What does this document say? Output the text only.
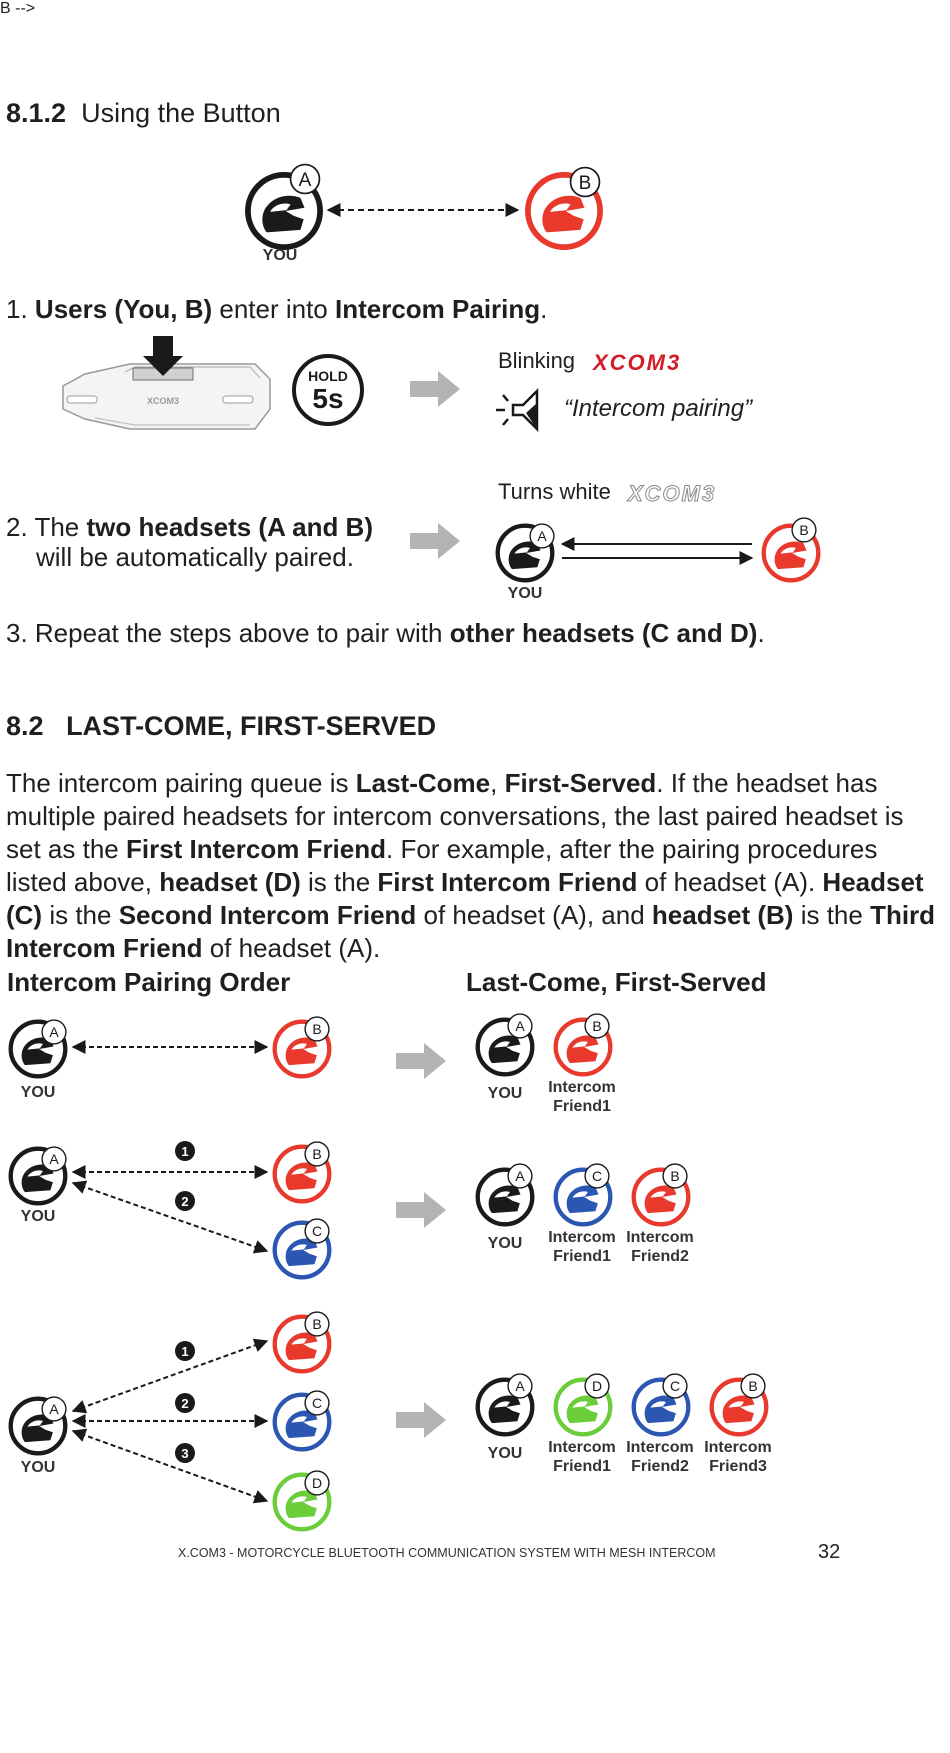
8.1.2 Using the Button
B -->
A	B
YOU
1. Users (You, B) enter into Intercom Pairing.
XCOM3
HOLD
5s
Blinking XCOM3
“Intercom pairing”
Turns white XCOM3
2. The two headsets (A and B)
will be automatically paired.
A	B
YOU
3. Repeat the steps above to pair with other headsets (C and D).
8.2 LAST-COME, FIRST-SERVED
The intercom pairing queue is Last-Come, First-Served. If the headset has multiple paired headsets for intercom conversations, the last paired headset is set as the First Intercom Friend. For example, after the pairing procedures listed above, headset (D) is the First Intercom Friend of headset (A). Headset (C) is the Second Intercom Friend of headset (A), and headset (B) is the Third Intercom Friend of headset (A).
Intercom Pairing Order	Last-Come, First-Served
A	B
YOU
A	B
YOU	Intercom
Friend1
A	1
2
B
C
YOU
A	C	B
YOU	Intercom
Friend1
Intercom
Friend2
A
1
2
3
B
C
D
YOU
A	D	C	B
YOU	Intercom
Friend1
Intercom
Friend2
Intercom
Friend3
X.COM3 - MOTORCYCLE BLUETOOTH COMMUNICATION SYSTEM WITH MESH INTERCOM	32
